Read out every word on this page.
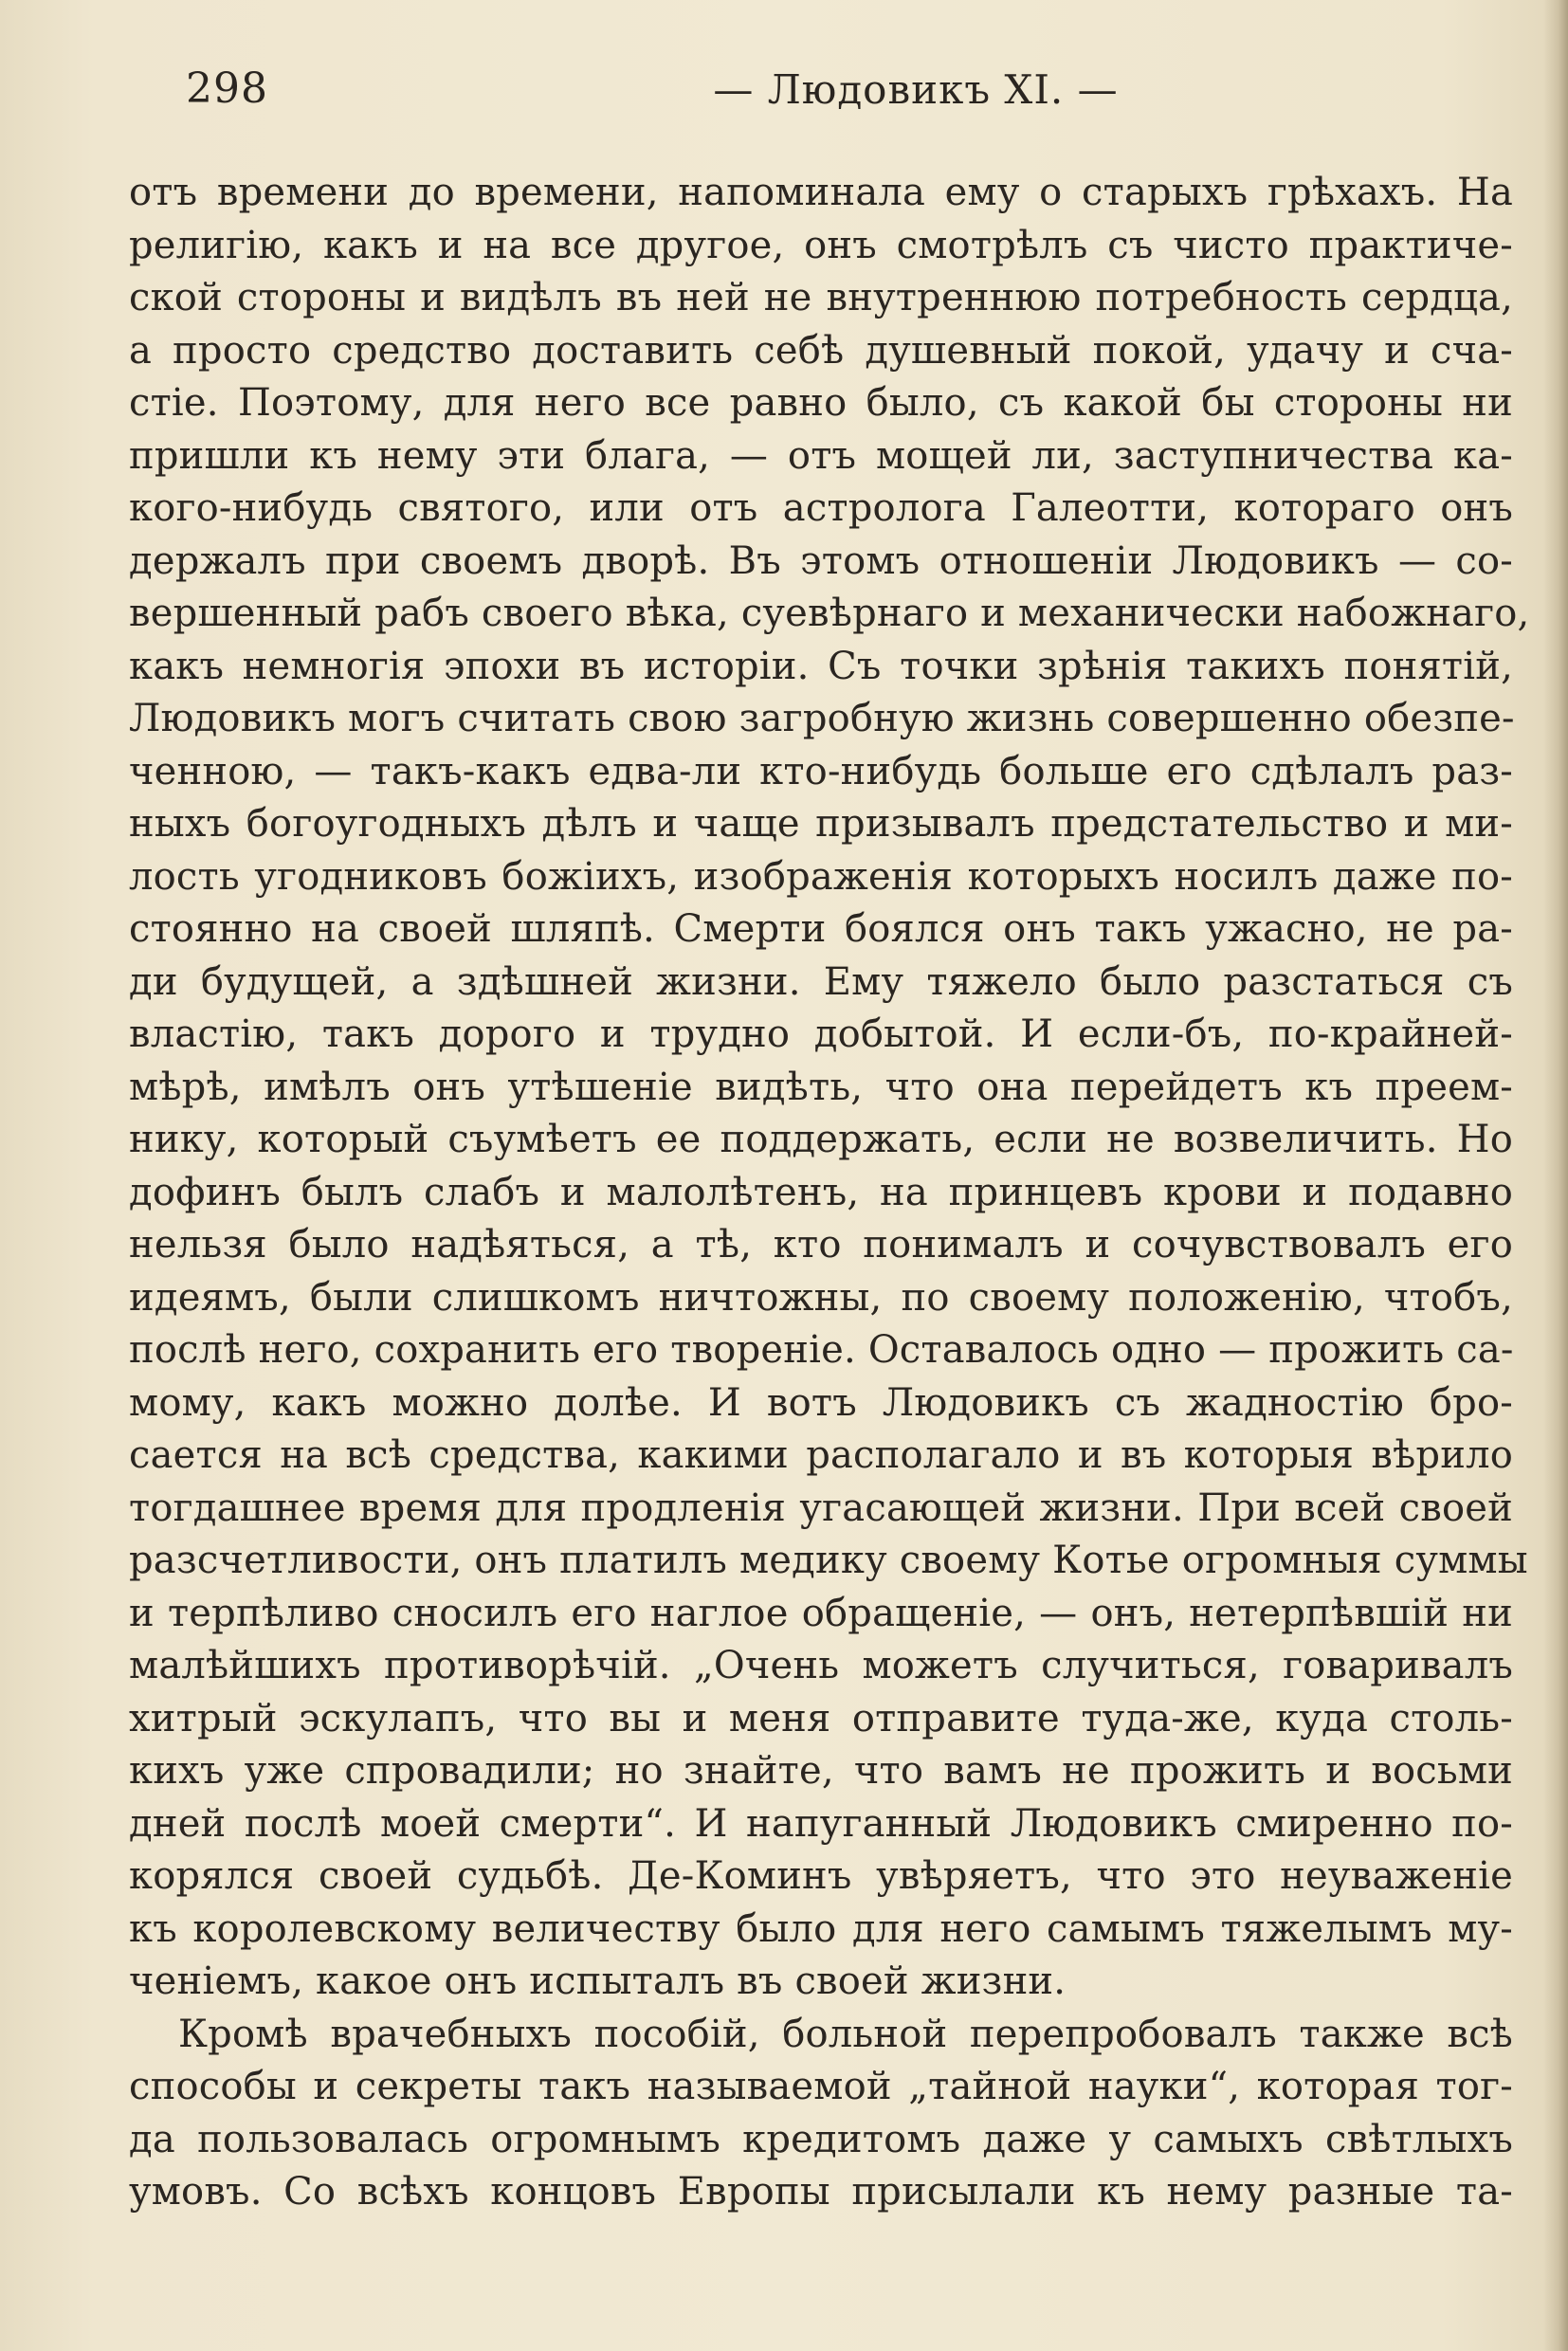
298	— Людовикъ XI. —
отъ времени до времени, напоминала ему о старыхъ грѣхахъ. На
религію, какъ и на все другое, онъ смотрѣлъ съ чисто практиче-
ской стороны и видѣлъ въ ней не внутреннюю потребность сердца,
а просто средство доставить себѣ душевный покой, удачу и сча-
стіе. Поэтому, для него все равно было, съ какой бы стороны ни
пришли къ нему эти блага, — отъ мощей ли, заступничества ка-
кого-нибудь святого, или отъ астролога Галеотти, котораго онъ
держалъ при своемъ дворѣ. Въ этомъ отношеніи Людовикъ — со-
вершенный рабъ своего вѣка, суевѣрнаго и механически набожнаго,
какъ немногія эпохи въ исторіи. Съ точки зрѣнія такихъ понятій,
Людовикъ могъ считать свою загробную жизнь совершенно обезпе-
ченною, — такъ-какъ едва-ли кто-нибудь больше его сдѣлалъ раз-
ныхъ богоугодныхъ дѣлъ и чаще призывалъ предстательство и ми-
лость угодниковъ божіихъ, изображенія которыхъ носилъ даже по-
стоянно на своей шляпѣ. Смерти боялся онъ такъ ужасно, не ра-
ди будущей, а здѣшней жизни. Ему тяжело было разстаться съ
властію, такъ дорого и трудно добытой. И если-бъ, по-крайней-
мѣрѣ, имѣлъ онъ утѣшеніе видѣть, что она перейдетъ къ преем-
нику, который съумѣетъ ее поддержать, если не возвеличить. Но
дофинъ былъ слабъ и малолѣтенъ, на принцевъ крови и подавно
нельзя было надѣяться, а тѣ, кто понималъ и сочувствовалъ его
идеямъ, были слишкомъ ничтожны, по своему положенію, чтобъ,
послѣ него, сохранить его твореніе. Оставалось одно — прожить са-
мому, какъ можно долѣе. И вотъ Людовикъ съ жадностію бро-
сается на всѣ средства, какими располагало и въ которыя вѣрило
тогдашнее время для продленія угасающей жизни. При всей своей
разсчетливости, онъ платилъ медику своему Котье огромныя суммы
и терпѣливо сносилъ его наглое обращеніе, — онъ, нетерпѣвшій ни
малѣйшихъ противорѣчій. „Очень можетъ случиться, говаривалъ
хитрый эскулапъ, что вы и меня отправите туда-же, куда столь-
кихъ уже спровадили; но знайте, что вамъ не прожить и восьми
дней послѣ моей смерти“. И напуганный Людовикъ смиренно по-
корялся своей судьбѣ. Де-Коминъ увѣряетъ, что это неуваженіе
къ королевскому величеству было для него самымъ тяжелымъ му-
ченіемъ, какое онъ испыталъ въ своей жизни.
Кромѣ врачебныхъ пособій, больной перепробовалъ также всѣ
способы и секреты такъ называемой „тайной науки“, которая тог-
да пользовалась огромнымъ кредитомъ даже у самыхъ свѣтлыхъ
умовъ. Со всѣхъ концовъ Европы присылали къ нему разные та-
